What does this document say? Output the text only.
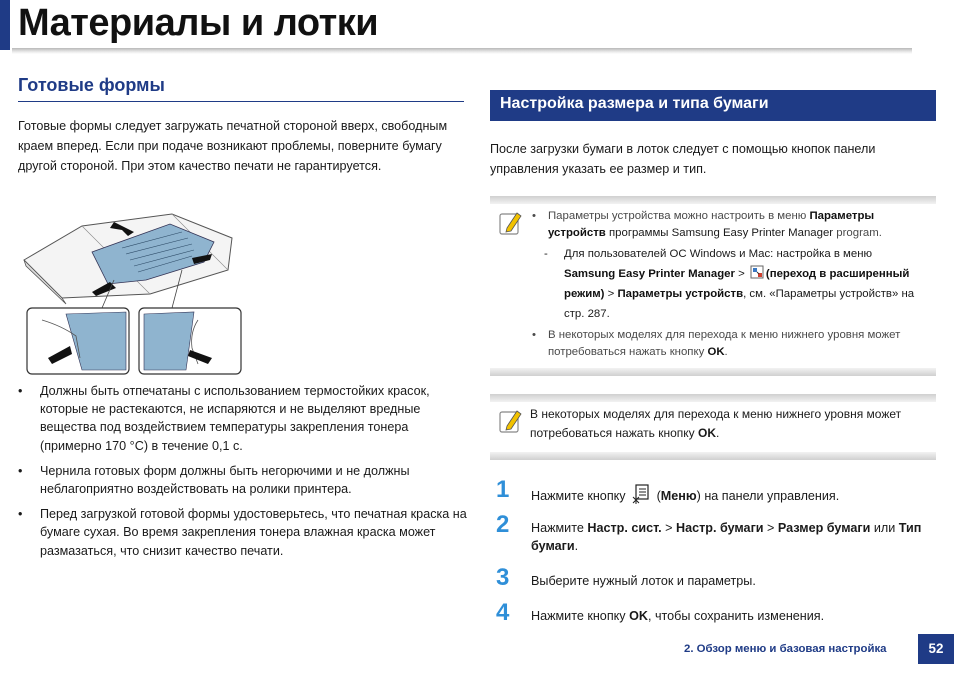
Материалы и лотки
Готовые формы

Готовые формы следует загружать печатной стороной вверх, свободным краем вперед. Если при подаче возникают проблемы, поверните бумагу другой стороной. При этом качество печати не гарантируется.

• Должны быть отпечатаны с использованием термостойких красок, которые не растекаются, не испаряются и не выделяют вредные вещества под воздействием температуры закрепления тонера (примерно 170 °C) в течение 0,1 с.
• Чернила готовых форм должны быть негорючими и не должны неблагоприятно воздействовать на ролики принтера.
• Перед загрузкой готовой формы удостоверьтесь, что печатная краска на бумаге сухая. Во время закрепления тонера влажная краска может размазаться, что снизит качество печати.
Настройка размера и типа бумаги

После загрузки бумаги в лоток следует с помощью кнопок панели управления указать ее размер и тип.

• Параметры устройства можно настроить в меню Параметры устройств программы Samsung Easy Printer Manager program.
- Для пользователей ОС Windows и Mac: настройка в меню
Samsung Easy Printer Manager > (переход в расширенный режим) > Параметры устройств, см. «Параметры устройств» на стр. 287.
• В некоторых моделях для перехода к меню нижнего уровня может потребоваться нажать кнопку OK.
В некоторых моделях для перехода к меню нижнего уровня может потребоваться нажать кнопку OK.
1 Нажмите кнопку  (Меню) на панели управления.
2 Нажмите Настр. сист. > Настр. бумаги > Размер бумаги или Тип бумаги.
3 Выберите нужный лоток и параметры.
4 Нажмите кнопку OK, чтобы сохранить изменения.
2. Обзор меню и базовая настройка	52
